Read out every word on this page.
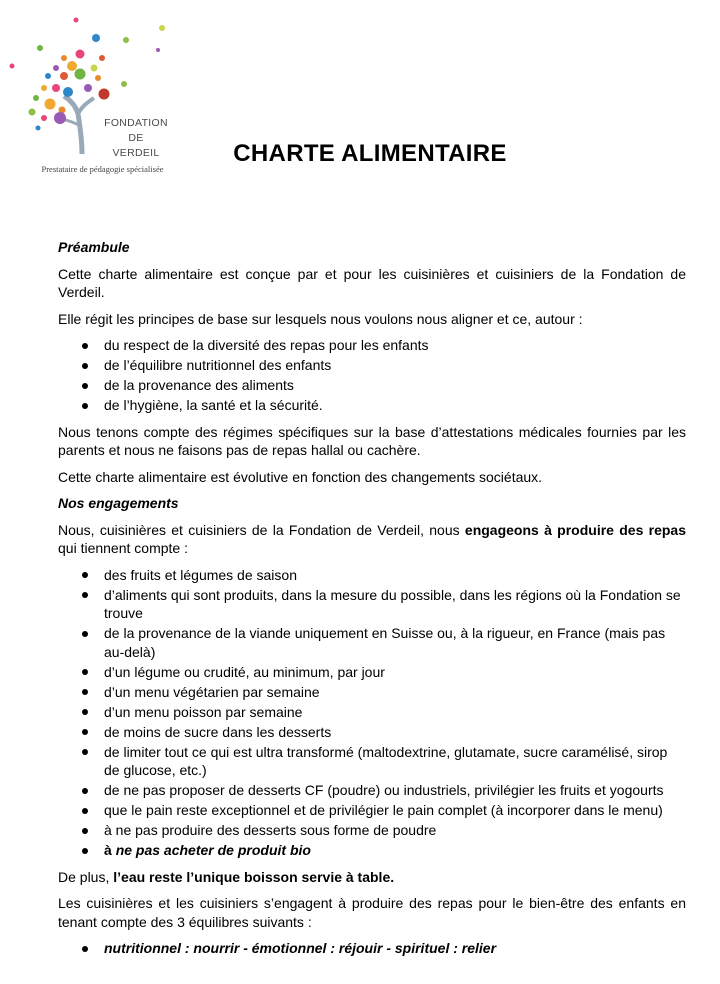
FONDATION
DE
VERDEIL
Prestataire de pédagogie spécialisée
CHARTE ALIMENTAIRE
Préambule

Cette charte alimentaire est conçue par et pour les cuisinières et cuisiniers de la Fondation de Verdeil.

Elle régit les principes de base sur lesquels nous voulons nous aligner et ce, autour :

du respect de la diversité des repas pour les enfants
de l’équilibre nutritionnel des enfants
de la provenance des aliments
de l’hygiène, la santé et la sécurité.

Nous tenons compte des régimes spécifiques sur la base d’attestations médicales fournies par les parents et nous ne faisons pas de repas hallal ou cachère.

Cette charte alimentaire est évolutive en fonction des changements sociétaux.

Nos engagements

Nous, cuisinières et cuisiniers de la Fondation de Verdeil, nous engageons à produire des repas qui tiennent compte :

des fruits et légumes de saison
d’aliments qui sont produits, dans la mesure du possible, dans les régions où la Fondation se trouve
de la provenance de la viande uniquement en Suisse ou, à la rigueur, en France (mais pas au-delà)
d’un légume ou crudité, au minimum, par jour
d’un menu végétarien par semaine
d’un menu poisson par semaine
de moins de sucre dans les desserts
de limiter tout ce qui est ultra transformé (maltodextrine, glutamate, sucre caramélisé, sirop de glucose, etc.)
de ne pas proposer de desserts CF (poudre) ou industriels, privilégier les fruits et yogourts
que le pain reste exceptionnel et de privilégier le pain complet (à incorporer dans le menu)
à ne pas produire des desserts sous forme de poudre
à ne pas acheter de produit bio

De plus, l’eau reste l’unique boisson servie à table.

Les cuisinières et les cuisiniers s’engagent à produire des repas pour le bien-être des enfants en tenant compte des 3 équilibres suivants :

nutritionnel : nourrir - émotionnel : réjouir - spirituel : relier
